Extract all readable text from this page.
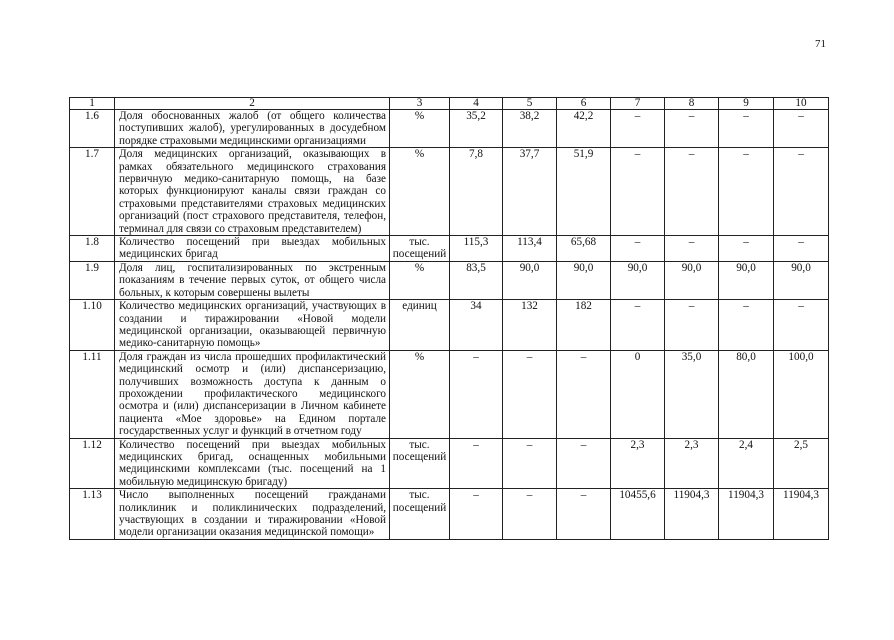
71
1	2	3	4	5	6	7	8	9	10
1.6	Доля обоснованных жалоб (от общего количества поступивших жалоб), урегулированных в досудебном порядке страховыми медицинскими организациями	%	35,2	38,2	42,2	–	–	–	–
1.7	Доля медицинских организаций, оказывающих в рамках обязательного медицинского страхования первичную медико-санитарную помощь, на базе которых функционируют каналы связи граждан со страховыми представителями страховых медицинских организаций (пост страхового представителя, телефон, терминал для связи со страховым представителем)	%	7,8	37,7	51,9	–	–	–	–
1.8	Количество посещений при выездах мобильных медицинских бригад	тыс. посещений	115,3	113,4	65,68	–	–	–	–
1.9	Доля лиц, госпитализированных по экстренным показаниям в течение первых суток, от общего числа больных, к которым совершены вылеты	%	83,5	90,0	90,0	90,0	90,0	90,0	90,0
1.10	Количество медицинских организаций, участвующих в создании и тиражировании «Новой модели медицинской организации, оказывающей первичную медико-санитарную помощь»	единиц	34	132	182	–	–	–	–
1.11	Доля граждан из числа прошедших профилактический медицинский осмотр и (или) диспансеризацию, получивших возможность доступа к данным о прохождении профилактического медицинского осмотра и (или) диспансеризации в Личном кабинете пациента «Мое здоровье» на Едином портале государственных услуг и функций в отчетном году	%	–	–	–	0	35,0	80,0	100,0
1.12	Количество посещений при выездах мобильных медицинских бригад, оснащенных мобильными медицинскими комплексами (тыс. посещений на 1 мобильную медицинскую бригаду)	тыс. посещений	–	–	–	2,3	2,3	2,4	2,5
1.13	Число выполненных посещений гражданами поликлиник и поликлинических подразделений, участвующих в создании и тиражировании «Новой модели организации оказания медицинской помощи»	тыс. посещений	–	–	–	10455,6	11904,3	11904,3	11904,3
